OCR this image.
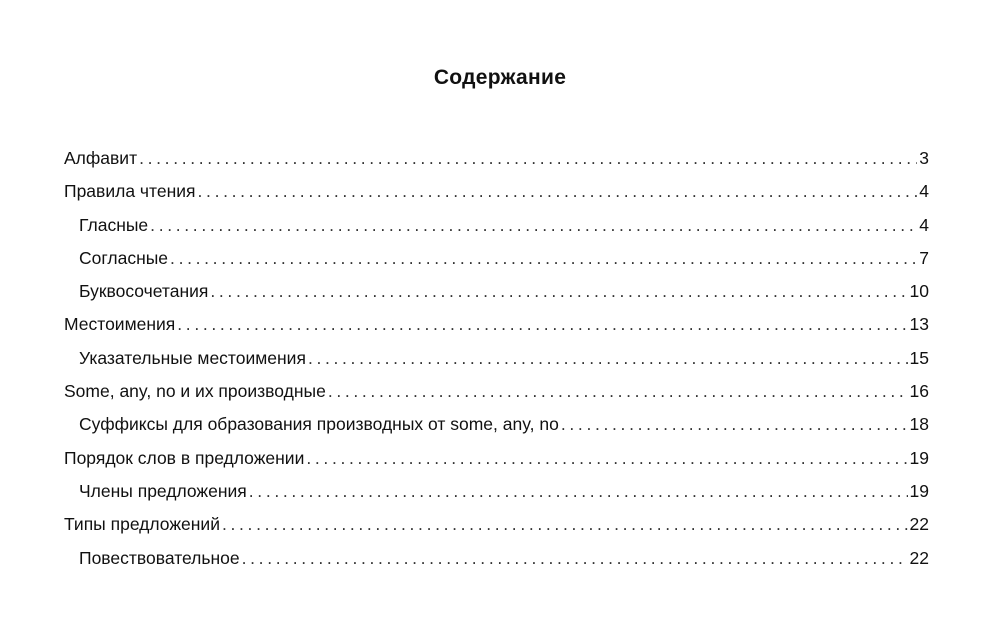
Содержание
Алфавит . . .	3
Правила чтения . . .	4
Гласные . . .	4
Согласные . . .	7
Буквосочетания . . .	10
Местоимения . . .	13
Указательные местоимения . . .	15
Some, any, no и их производные . . .	16
Суффиксы для образования производных от some, any, no . . .	18
Порядок слов в предложении . . .	19
Члены предложения . . .	19
Типы предложений . . .	22
Повествовательное . . .	22
